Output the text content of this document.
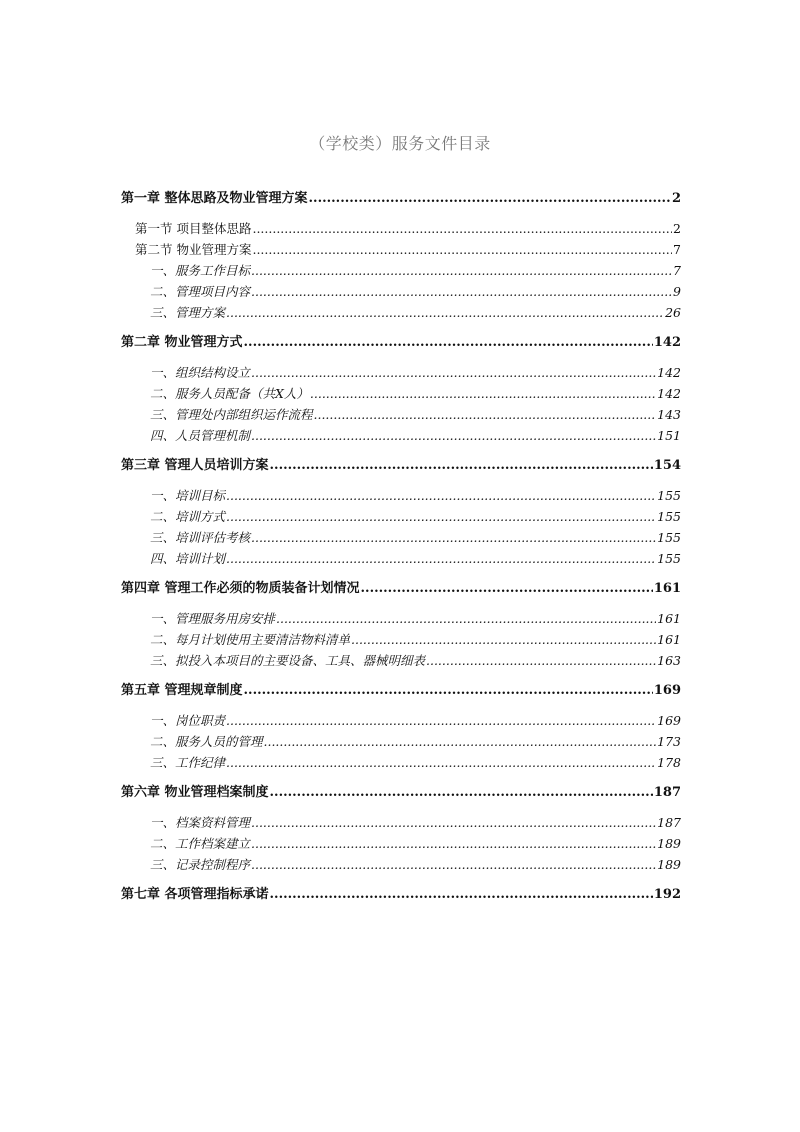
（学校类）服务文件目录
第一章 整体思路及物业管理方案 .....	2
第一节 项目整体思路 .....	2
第二节 物业管理方案 .....	7
一、服务工作目标 .....	7
二、管理项目内容 .....	9
三、管理方案 .....	26
第二章 物业管理方式 .....	142
一、组织结构设立 .....	142
二、服务人员配备（共X人） .....	142
三、管理处内部组织运作流程 .....	143
四、人员管理机制 .....	151
第三章 管理人员培训方案 .....	154
一、培训目标 .....	155
二、培训方式 .....	155
三、培训评估考核 .....	155
四、培训计划 .....	155
第四章 管理工作必须的物质装备计划情况 .....	161
一、管理服务用房安排 .....	161
二、每月计划使用主要清洁物料清单 .....	161
三、拟投入本项目的主要设备、工具、器械明细表 .....	163
第五章 管理规章制度 .....	169
一、岗位职责 .....	169
二、服务人员的管理 .....	173
三、工作纪律 .....	178
第六章 物业管理档案制度 .....	187
一、档案资料管理 .....	187
二、工作档案建立 .....	189
三、记录控制程序 .....	189
第七章 各项管理指标承诺 .....	192
